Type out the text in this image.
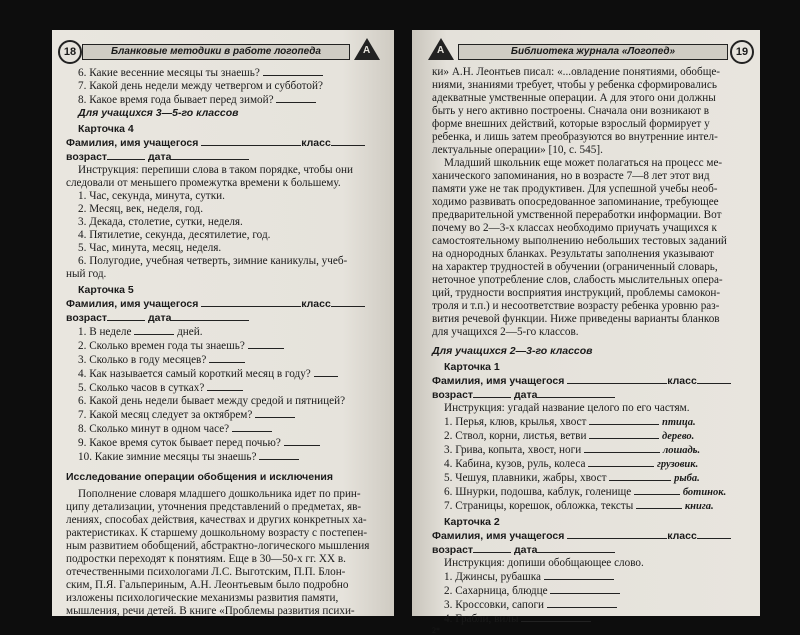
18	Бланковые методики в работе логопеда	А
6. Какие весенние месяцы ты знаешь?
7. Какой день недели между четвергом и субботой?
8. Какое время года бывает перед зимой?
Для учащихся 3—5-го классов
Карточка 4
Фамилия, имя учащегося	класс
возраст	дата
Инструкция: перепиши слова в таком порядке, чтобы они
следовали от меньшего промежутка времени к большему.
1. Час, секунда, минута, сутки.
2. Месяц, век, неделя, год.
3. Декада, столетие, сутки, неделя.
4. Пятилетие, секунда, десятилетие, год.
5. Час, минута, месяц, неделя.
6. Полугодие, учебная четверть, зимние каникулы, учеб-
ный год.
Карточка 5
Фамилия, имя учащегося	класс
возраст	дата
1. В неделе	дней.
2. Сколько времен года ты знаешь?
3. Сколько в году месяцев?
4. Как называется самый короткий месяц в году?
5. Сколько часов в сутках?
6. Какой день недели бывает между средой и пятницей?
7. Какой месяц следует за октябрем?
8. Сколько минут в одном часе?
9. Какое время суток бывает перед почью?
10. Какие зимние месяцы ты знаешь?
Исследование операции обобщения и исключения
Пополнение словаря младшего дошкольника идет по прин-
ципу детализации, уточнения представлений о предметах, яв-
лениях, способах действия, качествах и других конкретных ха-
рактеристиках. К старшему дошкольному возрасту с постепен-
ным развитием обобщений, абстрактно-логического мышления
подростки переходят к понятиям. Еще в 30—50-х гг. XX в.
отечественными психологами Л.С. Выготским, П.П. Блон-
ским, П.Я. Гальпериным, А.Н. Леонтьевым было подробно
изложены психологические механизмы развития памяти,
мышления, речи детей. В книге «Проблемы развития психи-
А	Библиотека журнала «Логопед»	19
ки» А.Н. Леонтьев писал: «...овладение понятиями, обобще-
ниями, знаниями требует, чтобы у ребенка сформировались
адекватные умственные операции. А для этого они должны
быть у него активно построены. Сначала они возникают в
форме внешних действий, которые взрослый формирует у
ребенка, и лишь затем преобразуются во внутренние интел-
лектуальные операции» [10, с. 545].
Младший школьник еще может полагаться на процесс ме-
ханического запоминания, но в возрасте 7—8 лет этот вид
памяти уже не так продуктивен. Для успешной учебы необ-
ходимо развивать опосредованное запоминание, требующее
предварительной умственной переработки информации. Вот
почему во 2—3-х классах необходимо приучать учащихся к
самостоятельному выполнению небольших тестовых заданий
на однородных бланках. Результаты заполнения указывают
на характер трудностей в обучении (ограниченный словарь,
неточное употребление слов, слабость мыслительных опера-
ций, трудности восприятия инструкций, проблемы самокон-
троля и т.п.) и несоответствие возрасту ребенка уровню раз-
вития речевой функции. Ниже приведены варианты бланков
для учащихся 2—5-го классов.
Для учащихся 2—3-го классов
Карточка 1
Фамилия, имя учащегося	класс
возраст	дата
Инструкция: угадай название целого по его частям.
1. Перья, клюв, крылья, хвост	птица.
2. Ствол, корни, листья, ветви	дерево.
3. Грива, копыта, хвост, ноги	лошадь.
4. Кабина, кузов, руль, колеса	грузовик.
5. Чешуя, плавники, жабры, хвост	рыба.
6. Шнурки, подошва, каблук, голенище	ботинок.
7. Страницы, корешок, обложка, тексты	книга.
Карточка 2
Фамилия, имя учащегося	класс
возраст	дата
Инструкция: допиши обобщающее слово.
1. Джинсы, рубашка
2. Сахарница, блюдце
3. Кроссовки, сапоги
4. Грабли, вилы
2*
